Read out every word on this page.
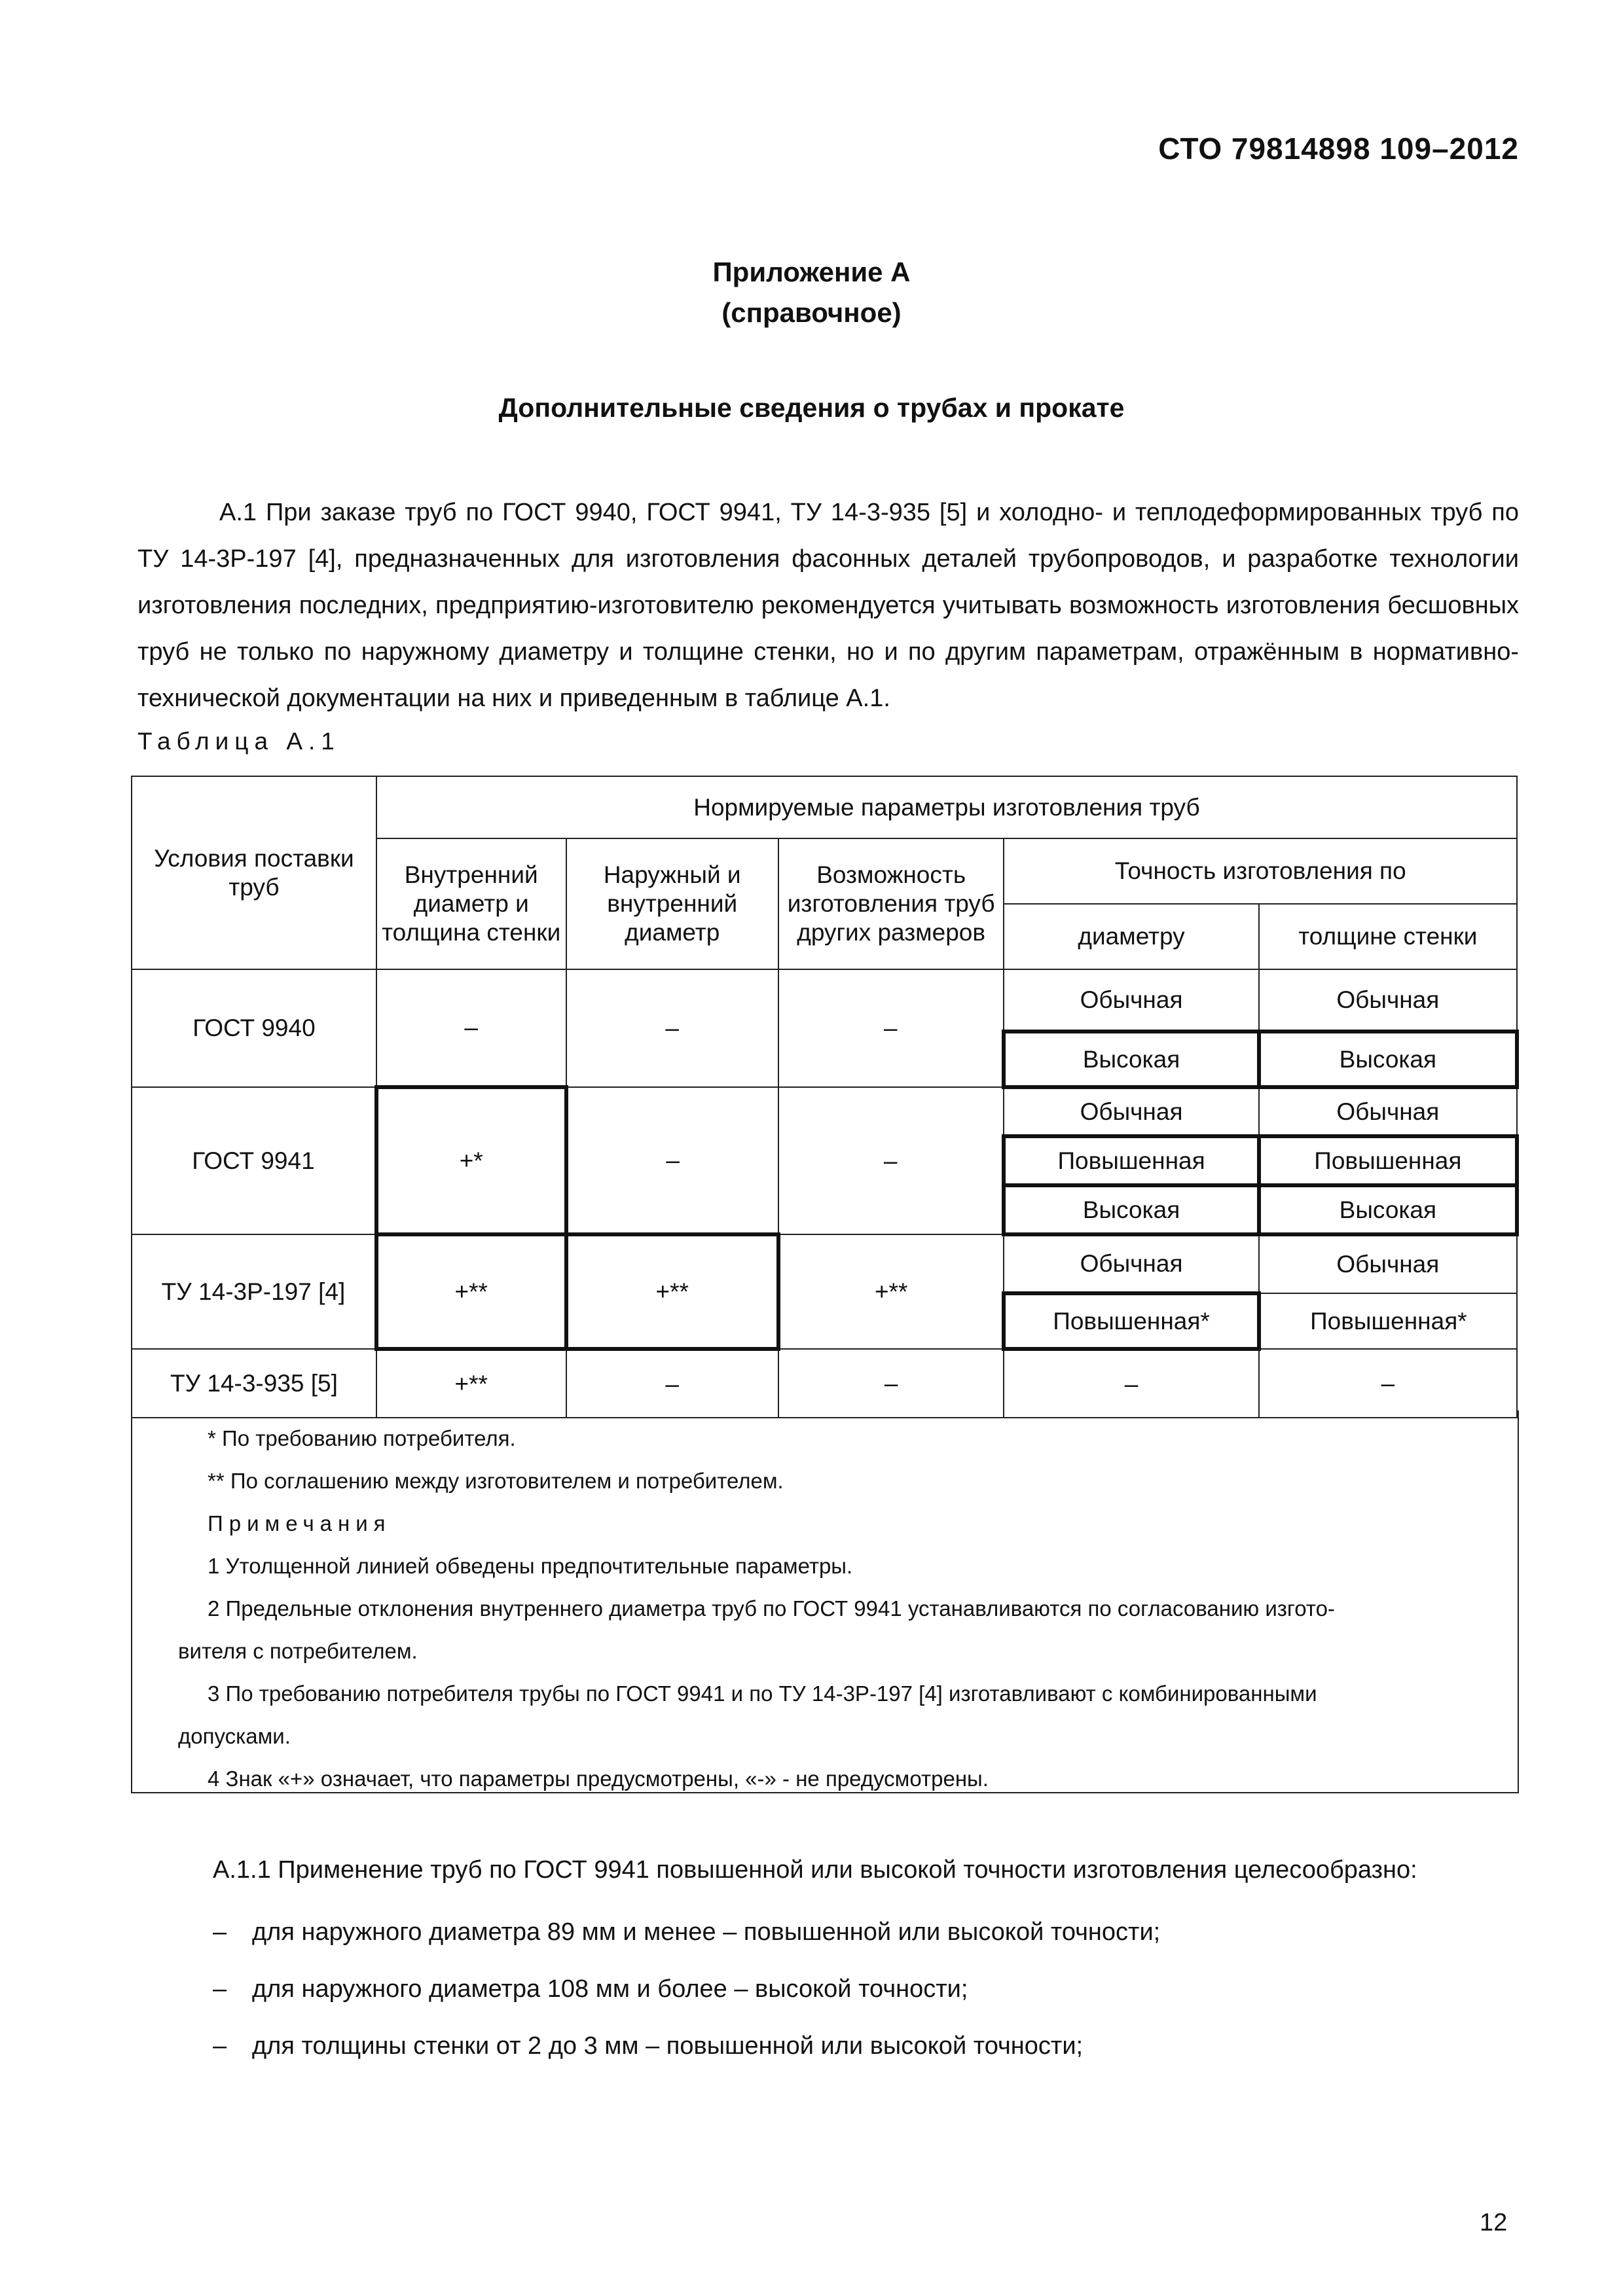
СТО 79814898 109–2012
Приложение А
(справочное)
Дополнительные сведения о трубах и прокате

А.1 При заказе труб по ГОСТ 9940, ГОСТ 9941, ТУ 14-3-935 [5] и холодно- и теплодеформированных труб по ТУ 14-3Р-197 [4], предназначенных для изготовления фасонных деталей трубопроводов, и разработке технологии изготовления последних, предприятию-изготовителю рекомендуется учитывать возможность изготовления бесшовных труб не только по наружному диаметру и толщине стенки, но и по другим параметрам, отражённым в нормативно-технической документации на них и приведенным в таблице А.1.

Таблица А.1
Условия поставки труб	Нормируемые параметры изготовления труб				
	Внутренний диаметр и толщина стенки	Наружный и внутренний диаметр	Возможность изготовления труб других размеров	Точность изготовления по	
				диаметру	толщине стенки
ГОСТ 9940	–	–	–	Обычная	Обычная
				Высокая	Высокая
ГОСТ 9941	+*	–	–	Обычная	Обычная
				Повышенная	Повышенная
				Высокая	Высокая
ТУ 14-3Р-197 [4]	+**	+**	+**	Обычная	Обычная
				Повышенная*	Повышенная*
ТУ 14-3-935 [5]	+**	–	–	–	–
* По требованию потребителя.
** По соглашению между изготовителем и потребителем.
Примечания
1 Утолщенной линией обведены предпочтительные параметры.
2 Предельные отклонения внутреннего диаметра труб по ГОСТ 9941 устанавливаются по согласованию изгото-
вителя с потребителем.
3 По требованию потребителя трубы по ГОСТ 9941 и по ТУ 14-3Р-197 [4] изготавливают с комбинированными
допусками.
4 Знак «+» означает, что параметры предусмотрены, «-» - не предусмотрены.

А.1.1 Применение труб по ГОСТ 9941 повышенной или высокой точности изготовления целесообразно:

– для наружного диаметра 89 мм и менее – повышенной или высокой точности;
– для наружного диаметра 108 мм и более – высокой точности;
– для толщины стенки от 2 до 3 мм – повышенной или высокой точности;
12
